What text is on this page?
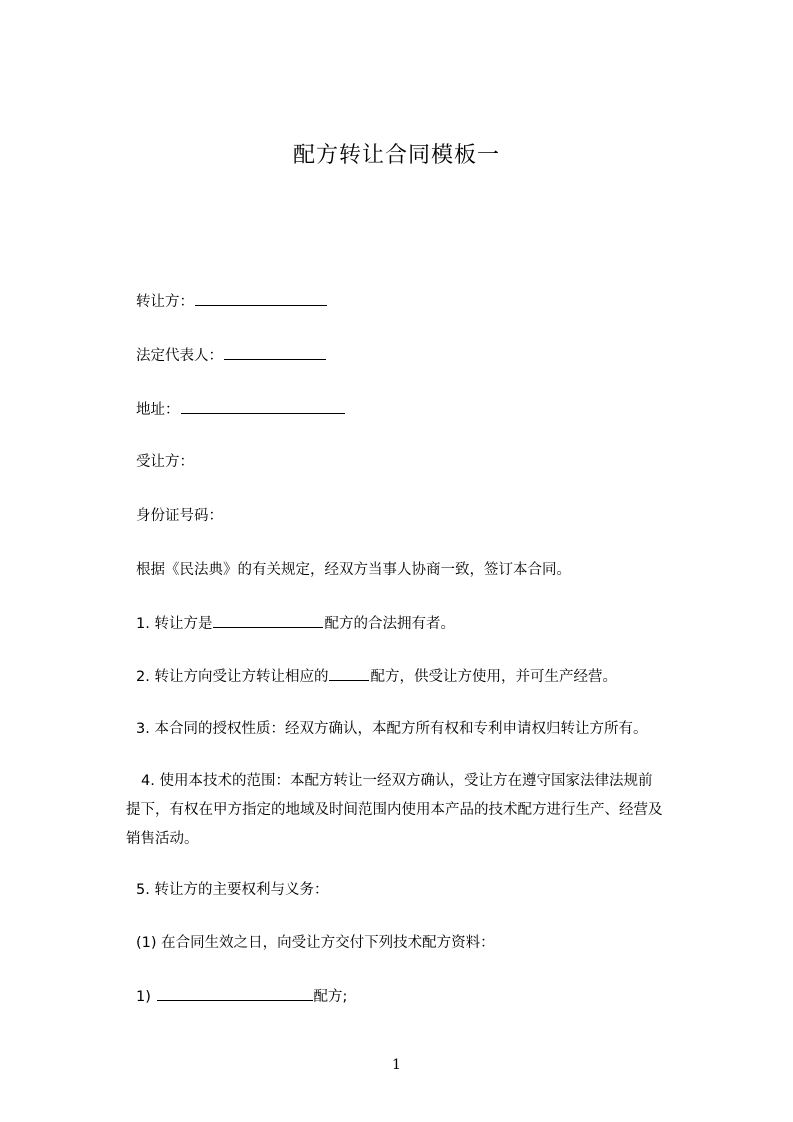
配方转让合同模板一
转让方：
法定代表人：
地址：
受让方：
身份证号码：
根据《民法典》的有关规定，经双方当事人协商一致，签订本合同。
1. 转让方是	配方的合法拥有者。
2. 转让方向受让方转让相应的	配方，供受让方使用，并可生产经营。
3. 本合同的授权性质：经双方确认，本配方所有权和专利申请权归转让方所有。
4. 使用本技术的范围：本配方转让一经双方确认，受让方在遵守国家法律法规前
提下，有权在甲方指定的地域及时间范围内使用本产品的技术配方进行生产、经营及
销售活动。
5. 转让方的主要权利与义务：
(1) 在合同生效之日，向受让方交付下列技术配方资料：
1)	配方;
1
